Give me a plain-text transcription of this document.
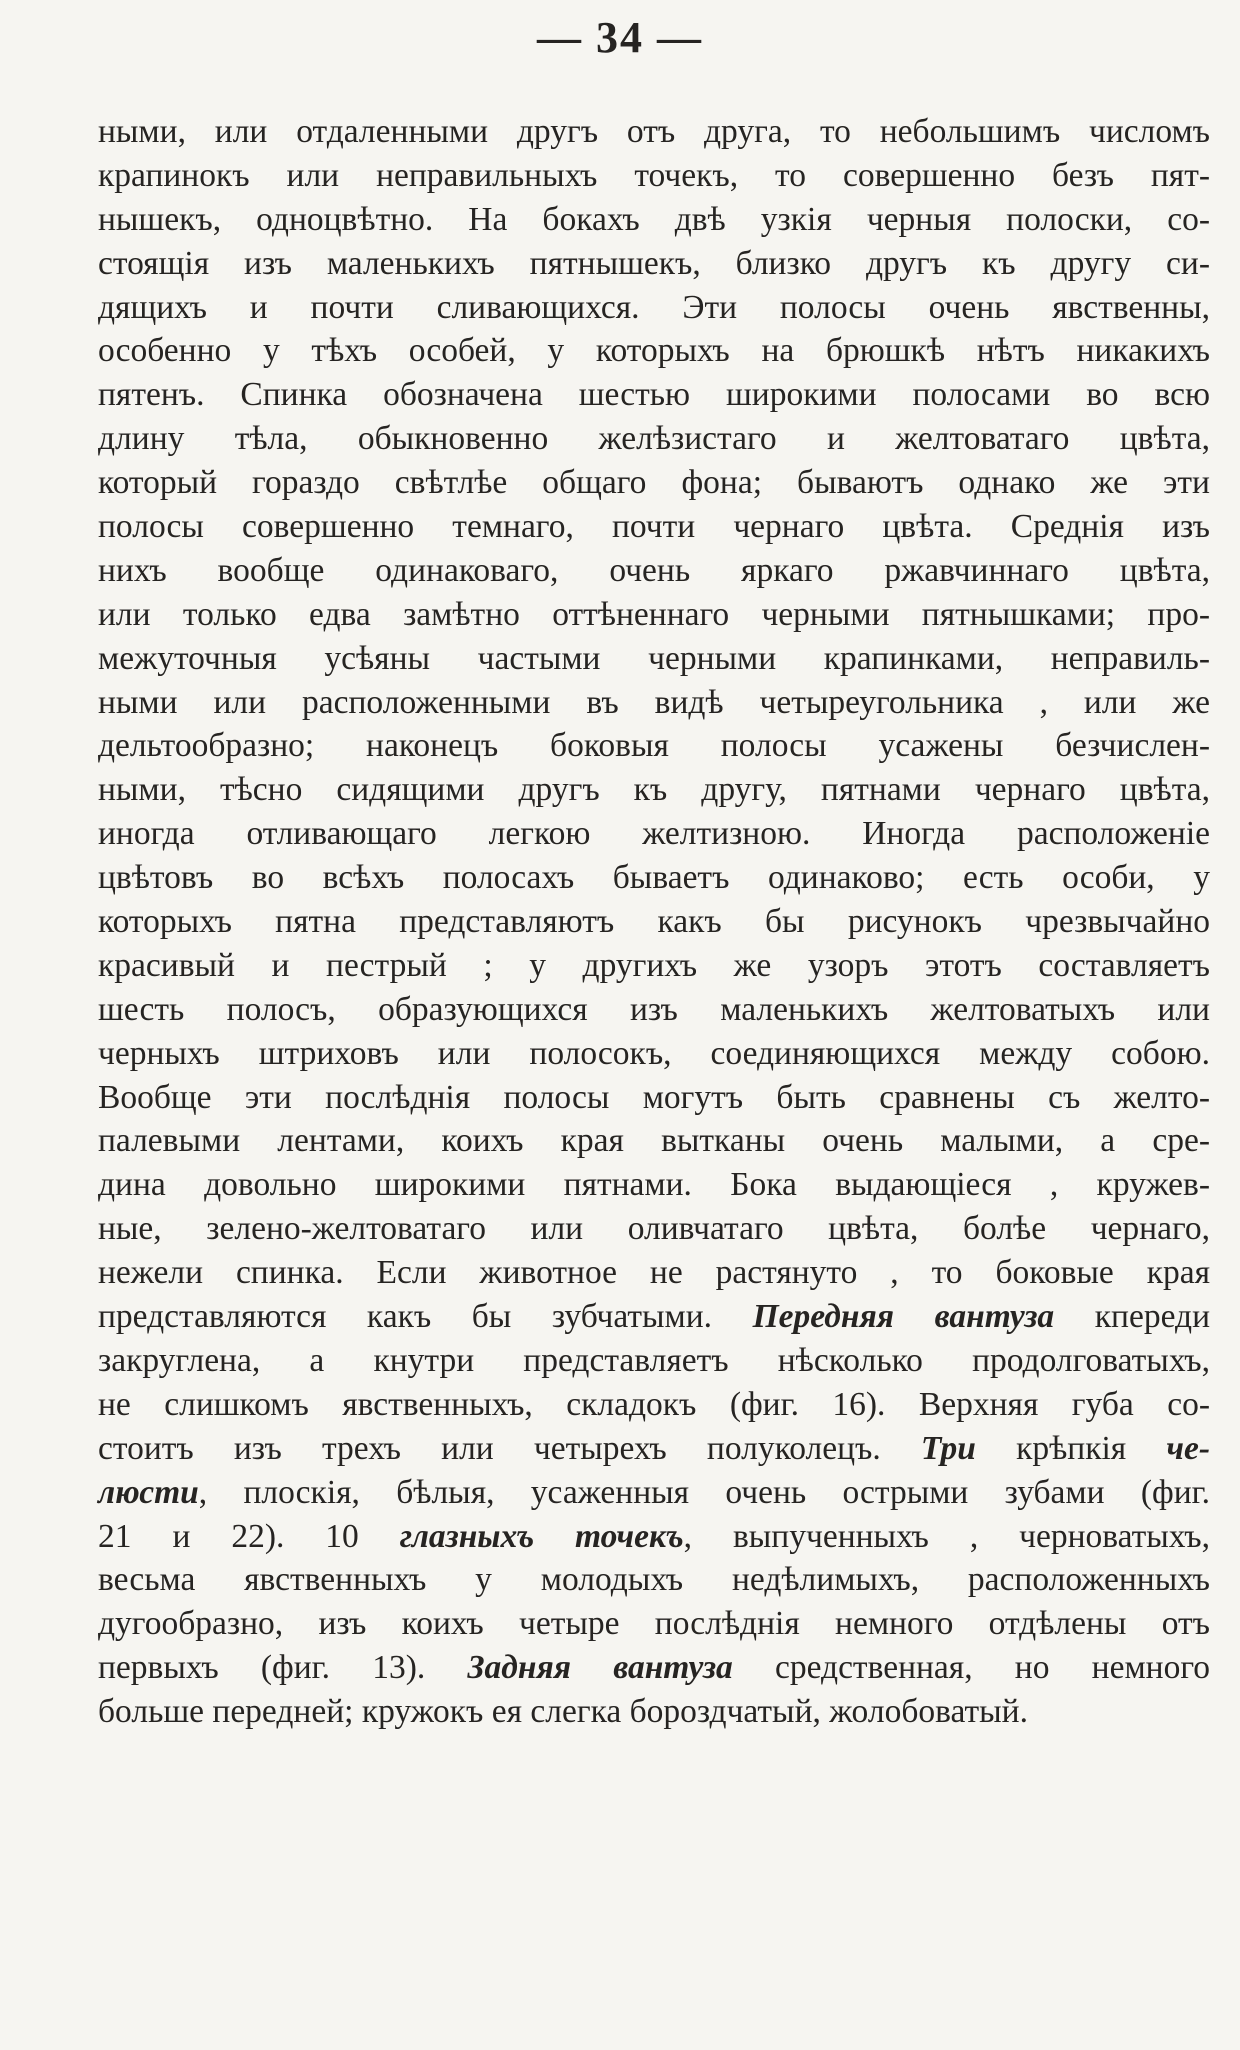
— 34 —
ными, или отдаленными другъ отъ друга, то небольшимъ числомъ
крапинокъ или неправильныхъ точекъ, то совершенно безъ пят-
нышекъ, одноцвѣтно. На бокахъ двѣ узкія черныя полоски, со-
стоящія изъ маленькихъ пятнышекъ, близко другъ къ другу си-
дящихъ и почти сливающихся. Эти полосы очень явственны,
особенно у тѣхъ особей, у которыхъ на брюшкѣ нѣтъ никакихъ
пятенъ. Спинка обозначена шестью широкими полосами во всю
длину тѣла, обыкновенно желѣзистаго и желтоватаго цвѣта,
который гораздо свѣтлѣе общаго фона; бываютъ однако же эти
полосы совершенно темнаго, почти чернаго цвѣта. Среднія изъ
нихъ вообще одинаковаго, очень яркаго ржавчиннаго цвѣта,
или только едва замѣтно оттѣненнаго черными пятнышками; про-
межуточныя усѣяны частыми черными крапинками, неправиль-
ными или расположенными въ видѣ четыреугольника , или же
дельтообразно; наконецъ боковыя полосы усажены безчислен-
ными, тѣсно сидящими другъ къ другу, пятнами чернаго цвѣта,
иногда отливающаго легкою желтизною. Иногда расположеніе
цвѣтовъ во всѣхъ полосахъ бываетъ одинаково; есть особи, у
которыхъ пятна представляютъ какъ бы рисунокъ чрезвычайно
красивый и пестрый ; у другихъ же узоръ этотъ составляетъ
шесть полосъ, образующихся изъ маленькихъ желтоватыхъ или
черныхъ штриховъ или полосокъ, соединяющихся между собою.
Вообще эти послѣднія полосы могутъ быть сравнены съ желто-
палевыми лентами, коихъ края вытканы очень малыми, а сре-
дина довольно широкими пятнами. Бока выдающіеся , кружев-
ные, зелено-желтоватаго или оливчатаго цвѣта, болѣе чернаго,
нежели спинка. Если животное не растянуто , то боковые края
представляются какъ бы зубчатыми. Передняя вантуза кпереди
закруглена, а кнутри представляетъ нѣсколько продолговатыхъ,
не слишкомъ явственныхъ, складокъ (фиг. 16). Верхняя губа со-
стоитъ изъ трехъ или четырехъ полуколецъ. Три крѣпкія че-
люсти, плоскія, бѣлыя, усаженныя очень острыми зубами (фиг.
21 и 22). 10 глазныхъ точекъ, выпученныхъ , черноватыхъ,
весьма явственныхъ у молодыхъ недѣлимыхъ, расположенныхъ
дугообразно, изъ коихъ четыре послѣднія немного отдѣлены отъ
первыхъ (фиг. 13). Задняя вантуза средственная, но немного
больше передней; кружокъ ея слегка бороздчатый, жолобоватый.
